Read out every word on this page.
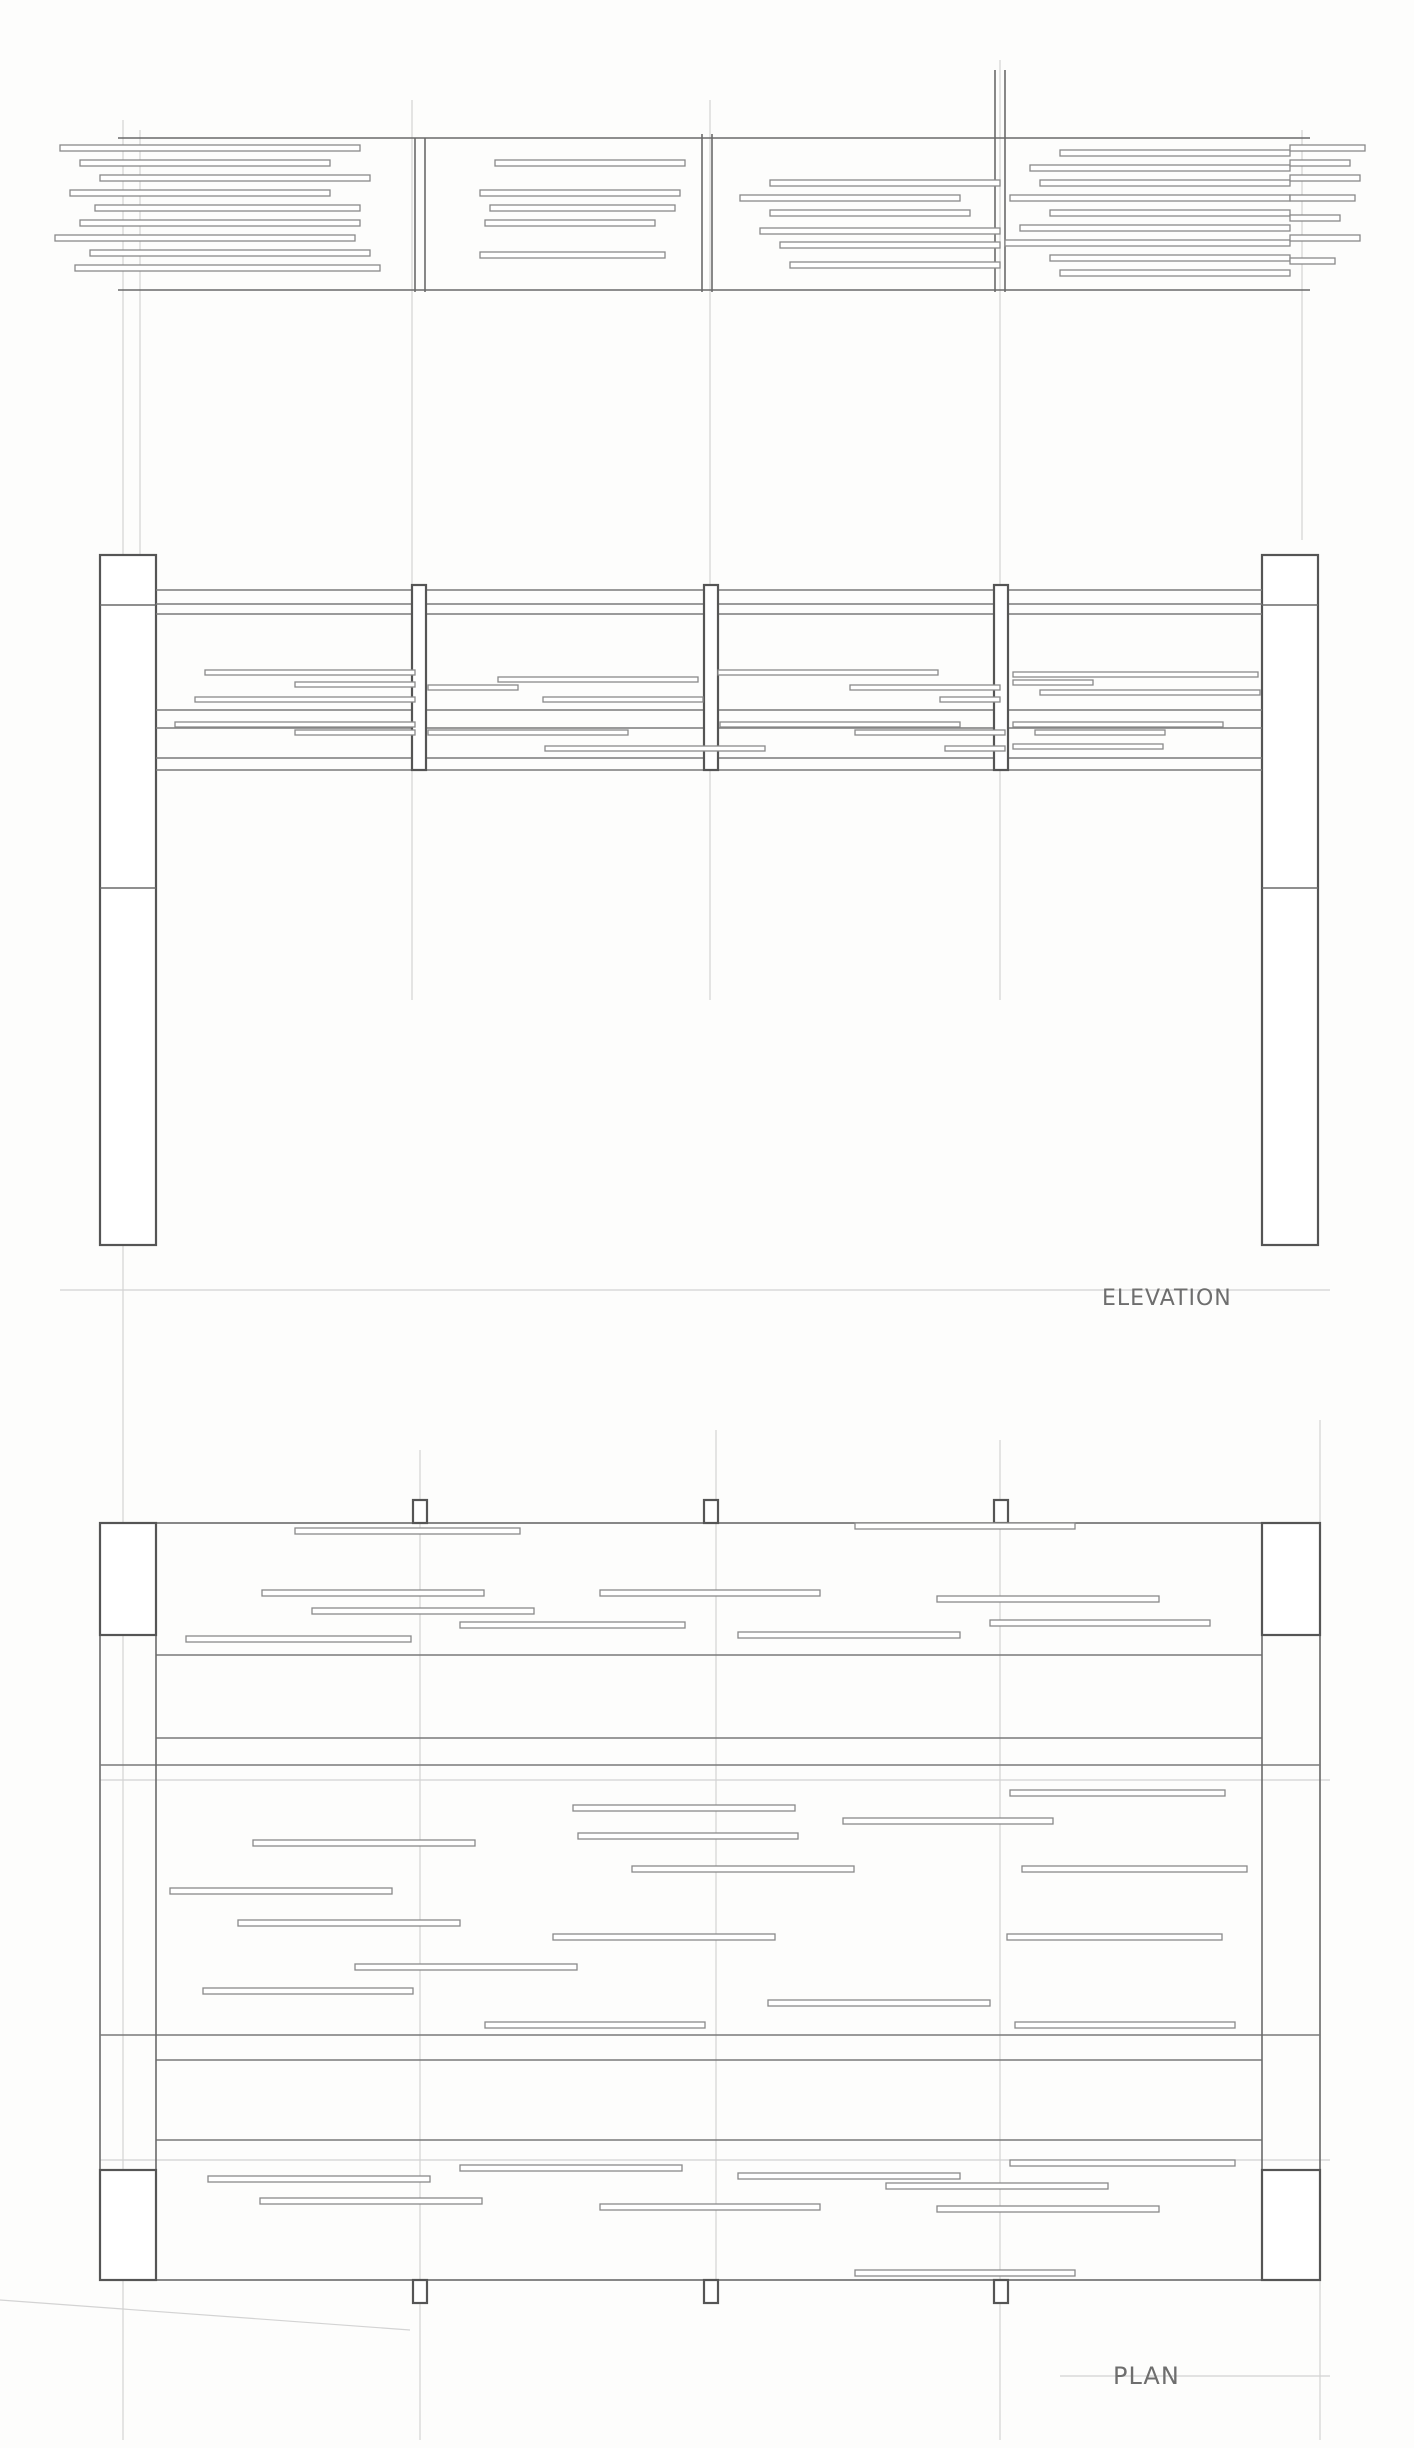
ELEVATION
PLAN
